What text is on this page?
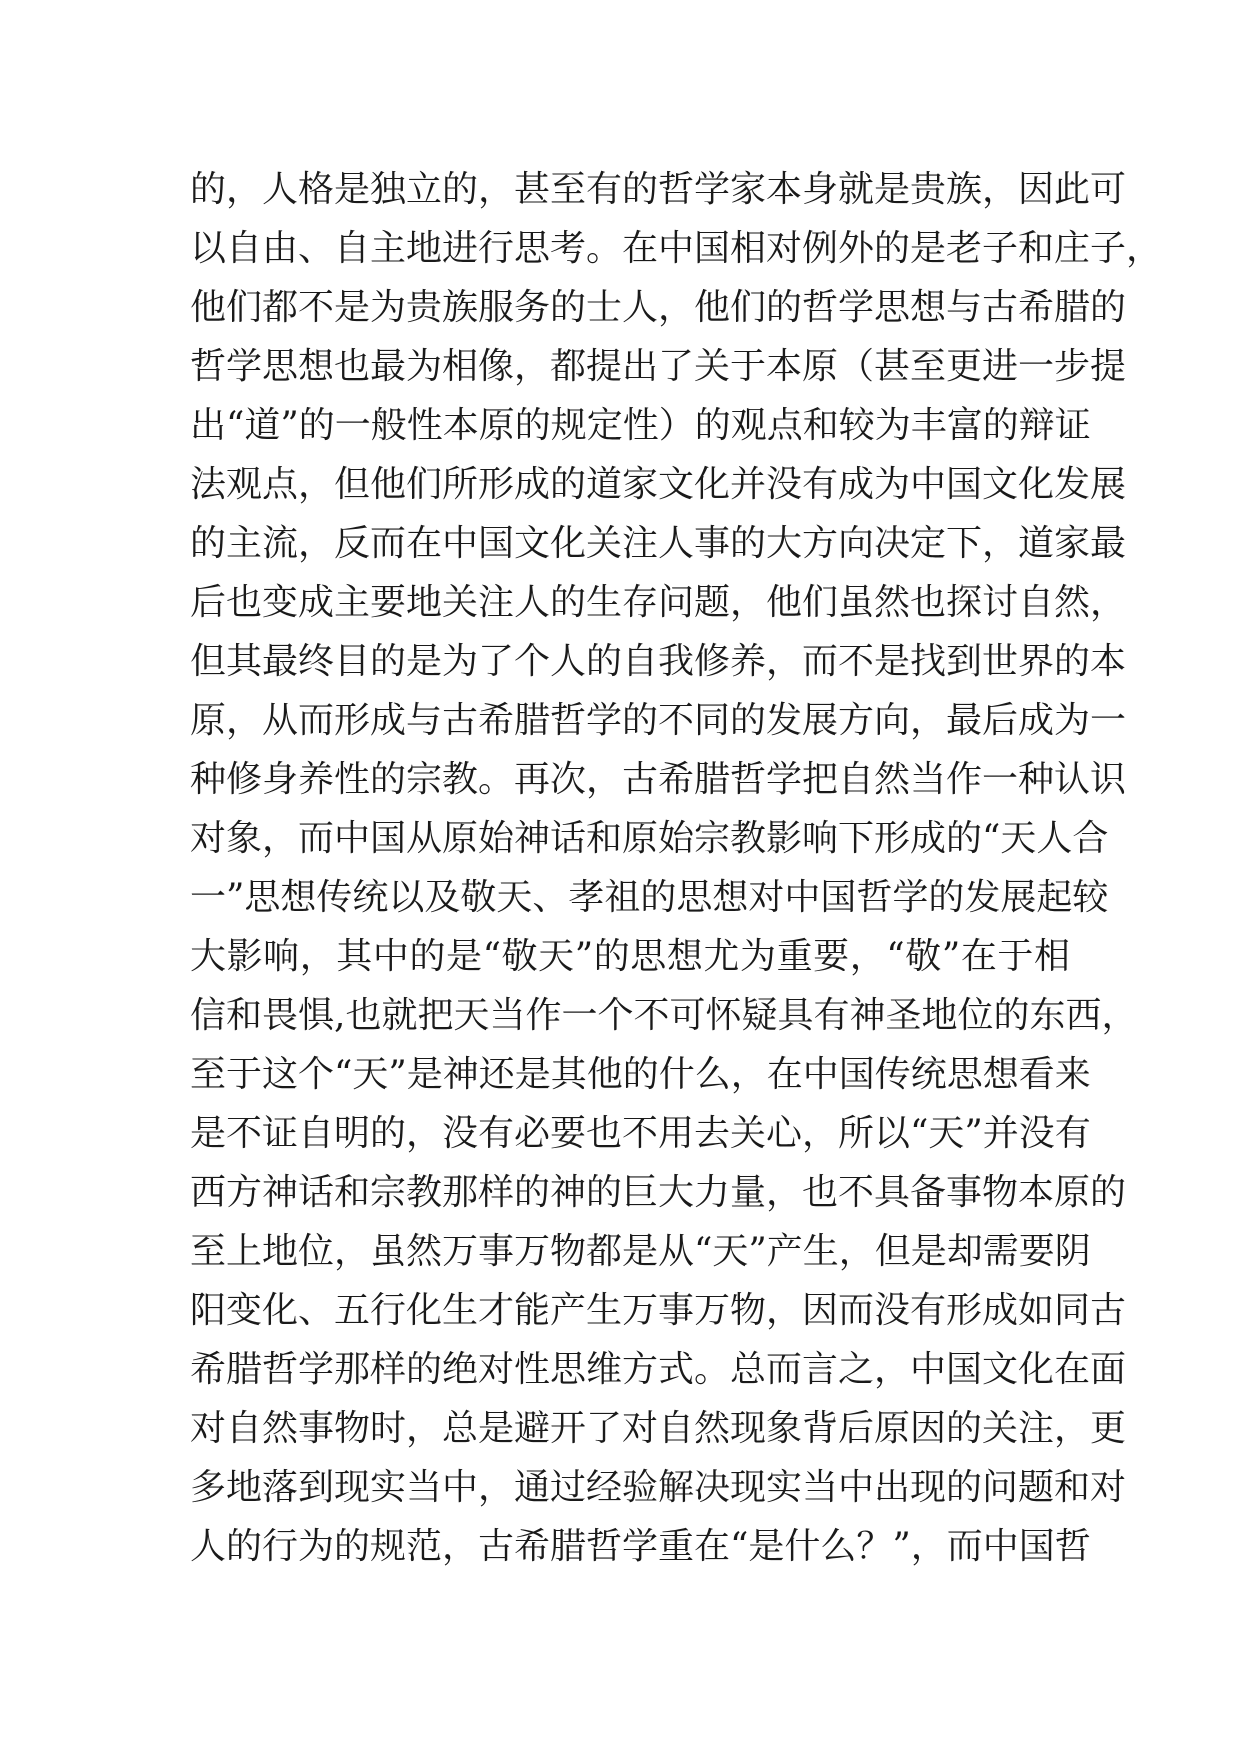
的，人格是独立的，甚至有的哲学家本身就是贵族，因此可
以自由、自主地进行思考。在中国相对例外的是老子和庄子，
他们都不是为贵族服务的士人，他们的哲学思想与古希腊的
哲学思想也最为相像，都提出了关于本原（甚至更进一步提
出“道”的一般性本原的规定性）的观点和较为丰富的辩证
法观点，但他们所形成的道家文化并没有成为中国文化发展
的主流，反而在中国文化关注人事的大方向决定下，道家最
后也变成主要地关注人的生存问题，他们虽然也探讨自然，
但其最终目的是为了个人的自我修养，而不是找到世界的本
原，从而形成与古希腊哲学的不同的发展方向，最后成为一
种修身养性的宗教。再次，古希腊哲学把自然当作一种认识
对象，而中国从原始神话和原始宗教影响下形成的“天人合
一”思想传统以及敬天、孝祖的思想对中国哲学的发展起较
大影响，其中的是“敬天”的思想尤为重要，“敬”在于相
信和畏惧,也就把天当作一个不可怀疑具有神圣地位的东西，
至于这个“天”是神还是其他的什么，在中国传统思想看来
是不证自明的，没有必要也不用去关心，所以“天”并没有
西方神话和宗教那样的神的巨大力量，也不具备事物本原的
至上地位，虽然万事万物都是从“天”产生，但是却需要阴
阳变化、五行化生才能产生万事万物，因而没有形成如同古
希腊哲学那样的绝对性思维方式。总而言之，中国文化在面
对自然事物时，总是避开了对自然现象背后原因的关注，更
多地落到现实当中，通过经验解决现实当中出现的问题和对
人的行为的规范，古希腊哲学重在“是什么？”，而中国哲
